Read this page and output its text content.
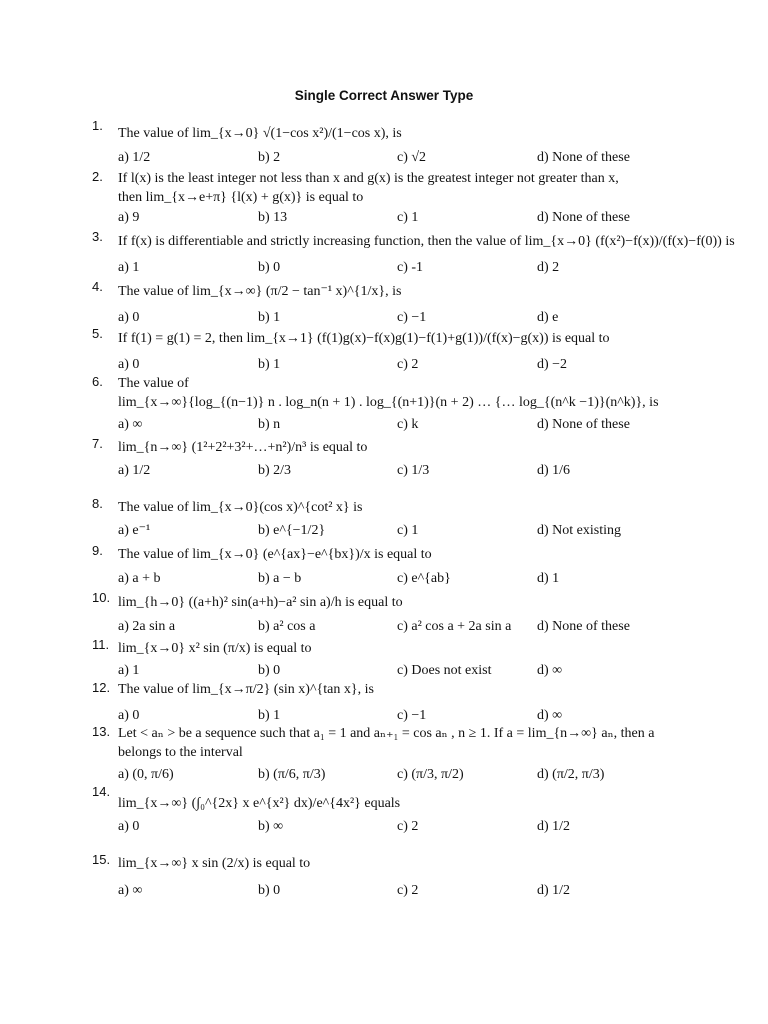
Single Correct Answer Type
1.
The value of lim_{x→0} √(1−cos x²)/(1−cos x), is
a) 1/2	b) 2	c) √2	d) None of these
2. If l(x) is the least integer not less than x and g(x) is the greatest integer not greater than x,
then lim_{x→e+π} {l(x) + g(x)} is equal to
a) 9	b) 13	c) 1	d) None of these
3. If f(x) is differentiable and strictly increasing function, then the value of lim_{x→0} (f(x²)−f(x))/(f(x)−f(0)) is
a) 1	b) 0	c) -1	d) 2
4. The value of lim_{x→∞} (π/2 − tan⁻¹ x)^{1/x}, is
a) 0	b) 1	c) −1	d) e
5. If f(1) = g(1) = 2, then lim_{x→1} (f(1)g(x)−f(x)g(1)−f(1)+g(1))/(f(x)−g(x)) is equal to
a) 0	b) 1	c) 2	d) −2
6. The value of
lim_{x→∞}{log_{(n−1)} n . log_n(n + 1) . log_{(n+1)}(n + 2) … {… log_{(n^k −1)}(n^k)}, is
a) ∞	b) n	c) k	d) None of these
7. lim_{n→∞} (1²+2²+3²+…+n²)/n³ is equal to
a) 1/2	b) 2/3	c) 1/3	d) 1/6
8. The value of lim_{x→0}(cos x)^{cot² x} is
a) e⁻¹	b) e^{−1/2}	c) 1	d) Not existing
9. The value of lim_{x→0} (e^{ax}−e^{bx})/x is equal to
a) a + b	b) a − b	c) e^{ab}	d) 1
10. lim_{h→0} ((a+h)² sin(a+h)−a² sin a)/h is equal to
a) 2a sin a	b) a² cos a	c) a² cos a + 2a sin a d) None of these
11. lim_{x→0} x² sin (π/x) is equal to
a) 1	b) 0	c) Does not exist	d) ∞
12. The value of lim_{x→π/2} (sin x)^{tan x}, is
a) 0	b) 1	c) −1	d) ∞
13. Let < aₙ > be a sequence such that a₁ = 1 and aₙ₊₁ = cos aₙ , n ≥ 1. If a = lim_{n→∞} aₙ, then a
belongs to the interval
a) (0, π/6)	b) (π/6, π/3)	c) (π/3, π/2)	d) (π/2, π/3)
14.
lim_{x→∞} (∫₀^{2x} x e^{x²} dx)/e^{4x²} equals
a) 0	b) ∞	c) 2	d) 1/2
15. lim_{x→∞} x sin (2/x) is equal to
a) ∞	b) 0	c) 2	d) 1/2
